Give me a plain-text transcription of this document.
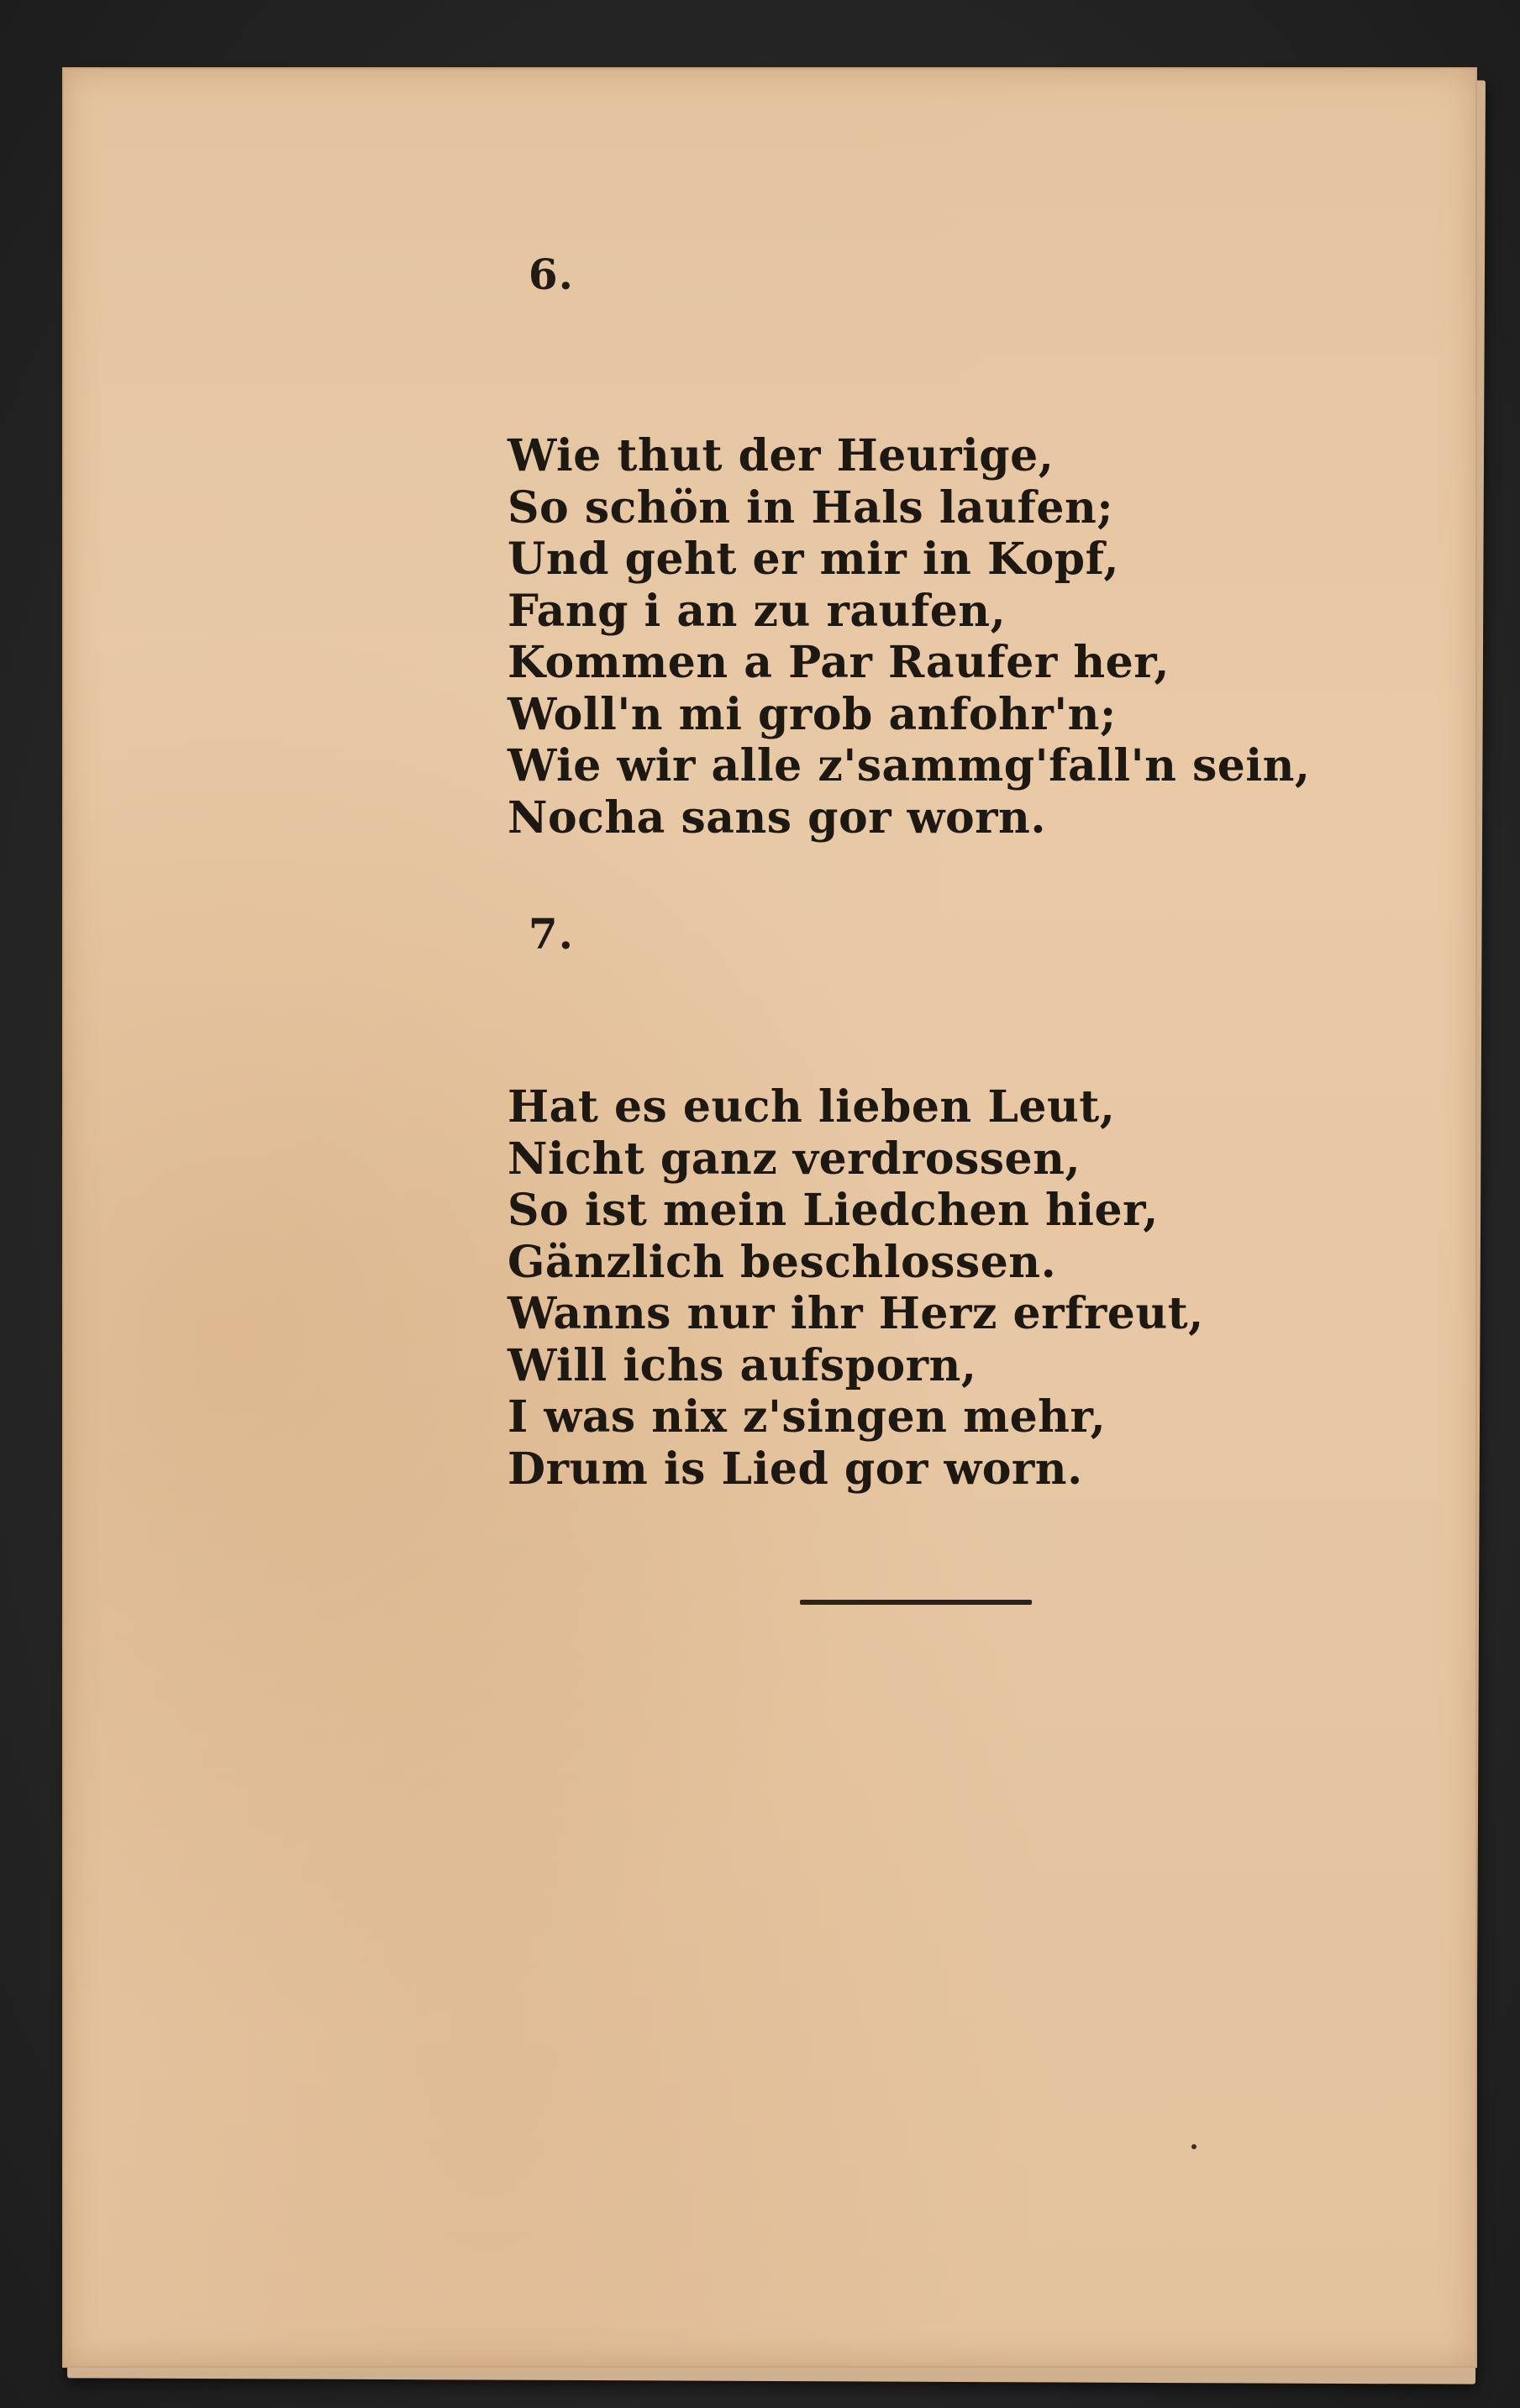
6.
Wie thut der Heurige,
So schön in Hals laufen;
Und geht er mir in Kopf,
Fang i an zu raufen,
Kommen a Par Raufer her,
Woll'n mi grob anfohr'n;
Wie wir alle z'sammg'fall'n sein,
Nocha sans gor worn.
7.
Hat es euch lieben Leut,
Nicht ganz verdrossen,
So ist mein Liedchen hier,
Gänzlich beschlossen.
Wanns nur ihr Herz erfreut,
Will ichs aufsporn,
I was nix z'singen mehr,
Drum is Lied gor worn.
